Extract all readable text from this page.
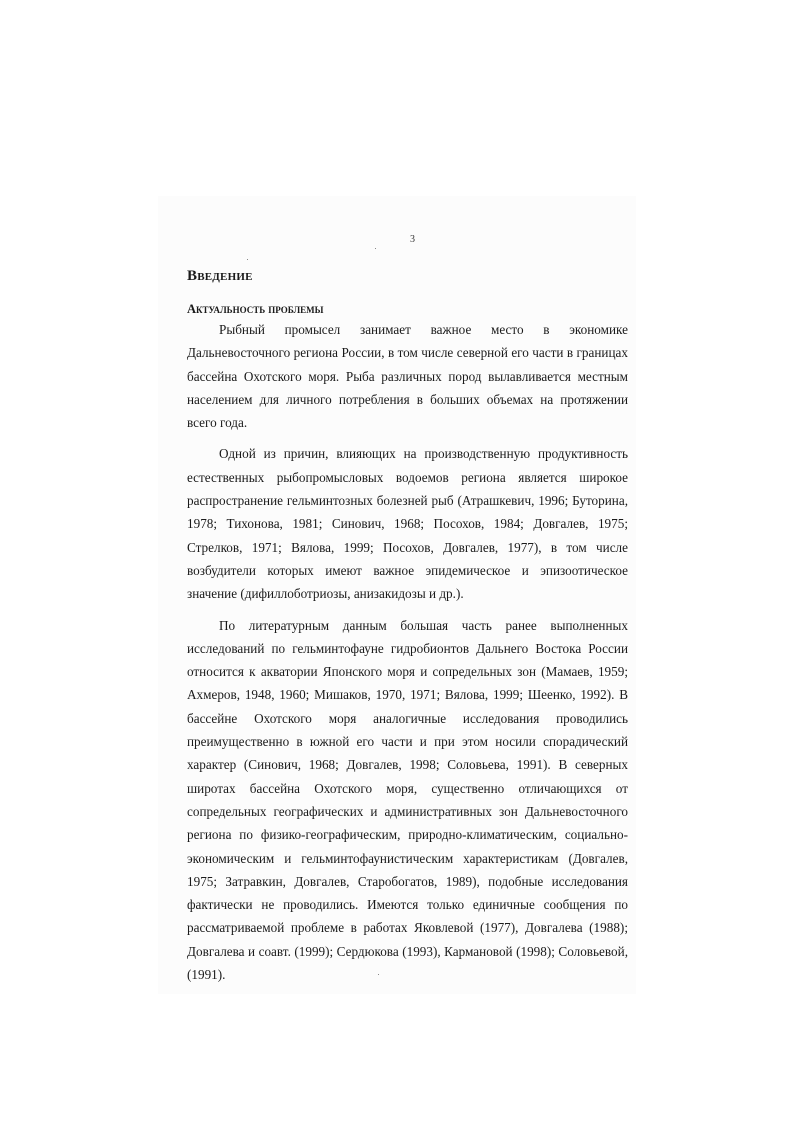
3
Введение
Актуальность проблемы

Рыбный промысел занимает важное место в экономике Дальневосточного региона России, в том числе северной его части в границах бассейна Охотского моря. Рыба различных пород вылавливается местным населением для личного потребления в больших объемах на протяжении всего года.

Одной из причин, влияющих на производственную продуктивность естественных рыбопромысловых водоемов региона является широкое распространение гельминтозных болезней рыб (Атрашкевич, 1996; Буторина, 1978; Тихонова, 1981; Синович, 1968; Посохов, 1984; Довгалев, 1975; Стрелков, 1971; Вялова, 1999; Посохов, Довгалев, 1977), в том числе возбудители которых имеют важное эпидемическое и эпизоотическое значение (дифиллоботриозы, анизакидозы и др.).

По литературным данным большая часть ранее выполненных исследований по гельминтофауне гидробионтов Дальнего Востока России относится к акватории Японского моря и сопредельных зон (Мамаев, 1959; Ахмеров, 1948, 1960; Мишаков, 1970, 1971; Вялова, 1999; Шеенко, 1992). В бассейне Охотского моря аналогичные исследования проводились преимущественно в южной его части и при этом носили спорадический характер (Синович, 1968; Довгалев, 1998; Соловьева, 1991). В северных широтах бассейна Охотского моря, существенно отличающихся от сопредельных географических и административных зон Дальневосточного региона по физико-географическим, природно-климатическим, социально-экономическим и гельминтофаунистическим характеристикам (Довгалев, 1975; Затравкин, Довгалев, Старобогатов, 1989), подобные исследования фактически не проводились. Имеются только единичные сообщения по рассматриваемой проблеме в работах Яковлевой (1977), Довгалева (1988); Довгалева и соавт. (1999); Сердюкова (1993), Кармановой (1998); Соловьевой,(1991).
